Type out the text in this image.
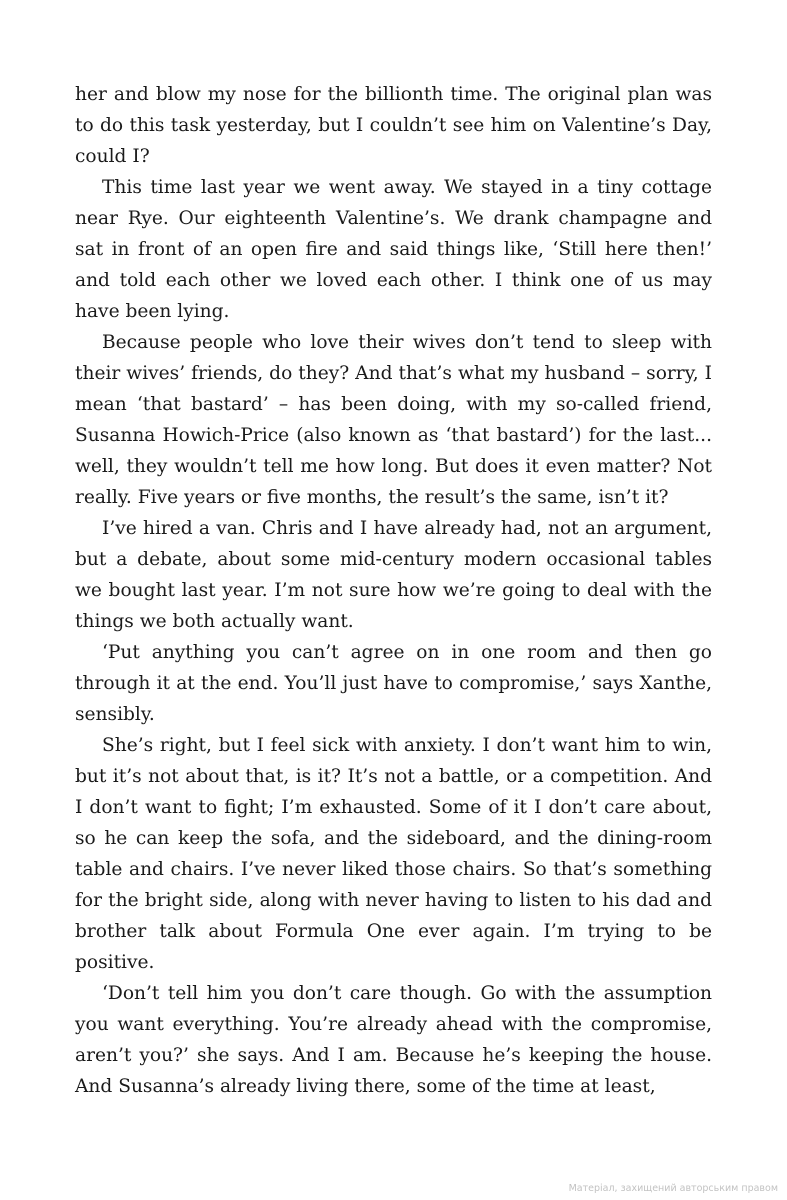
her and blow my nose for the billionth time. The original plan was to do this task yesterday, but I couldn’t see him on Valentine’s Day, could I?

This time last year we went away. We stayed in a tiny cottage near Rye. Our eighteenth Valentine’s. We drank champagne and sat in front of an open fire and said things like, ‘Still here then!’ and told each other we loved each other. I think one of us may have been lying.

Because people who love their wives don’t tend to sleep with their wives’ friends, do they? And that’s what my husband – sorry, I mean ‘that bastard’ – has been doing, with my so-called friend, Susanna Howich-Price (also known as ‘that bastard’) for the last... well, they wouldn’t tell me how long. But does it even matter? Not really. Five years or five months, the result’s the same, isn’t it?

I’ve hired a van. Chris and I have already had, not an argument, but a debate, about some mid-century modern occasional tables we bought last year. I’m not sure how we’re going to deal with the things we both actually want.

‘Put anything you can’t agree on in one room and then go through it at the end. You’ll just have to compromise,’ says Xanthe, sensibly.

She’s right, but I feel sick with anxiety. I don’t want him to win, but it’s not about that, is it? It’s not a battle, or a competition. And I don’t want to fight; I’m exhausted. Some of it I don’t care about, so he can keep the sofa, and the sideboard, and the dining-room table and chairs. I’ve never liked those chairs. So that’s something for the bright side, along with never having to listen to his dad and brother talk about Formula One ever again. I’m trying to be positive.

‘Don’t tell him you don’t care though. Go with the assumption you want everything. You’re already ahead with the compromise, aren’t you?’ she says. And I am. Because he’s keeping the house. And Susanna’s already living there, some of the time at least,

Матеріал, захищений авторським правом
